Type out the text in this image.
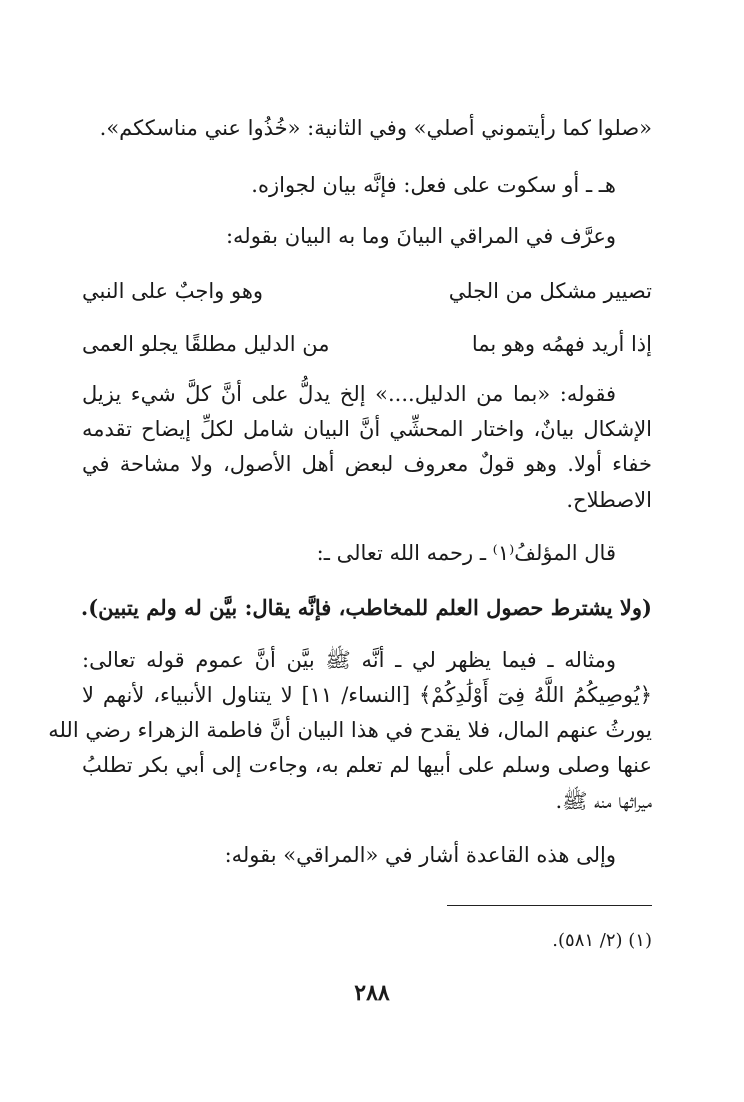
«صلوا كما رأيتموني أصلي» وفي الثانية: «خُذُوا عني مناسككم».
هـ ـ أو سكوت على فعل: فإنَّه بيان لجوازه.
وعرَّف في المراقي البيانَ وما به البيان بقوله:
تصيير مشكل من الجلي
وهو واجبٌ على النبي
إذا أريد فهمُه وهو بما
من الدليل مطلقًا يجلو العمى
فقوله: «بما من الدليل....» إلخ يدلُّ على أنَّ كلَّ شيء يزيل
الإشكال بيانٌ، واختار المحشِّي أنَّ البيان شامل لكلِّ إيضاح تقدمه
خفاء أولا. وهو قولٌ معروف لبعض أهل الأصول، ولا مشاحة في
الاصطلاح.
قال المؤلفُ⁽١⁾ ـ رحمه الله تعالى ـ:
(ولا يشترط حصول العلم للمخاطب، فإنَّه يقال: بيَّن له ولم يتبين).
ومثاله ـ فيما يظهر لي ـ أنَّه ﷺ بيَّن أنَّ عموم قوله تعالى:
﴿يُوصِيكُمُ اللَّهُ فِىٓ أَوْلَٰدِكُمْ﴾ [النساء/ ١١] لا يتناول الأنبياء، لأنهم لا
يورثُ عنهم المال، فلا يقدح في هذا البيان أنَّ فاطمة الزهراء رضي الله
عنها وصلى وسلم على أبيها لم تعلم به، وجاءت إلى أبي بكر تطلبُ
ميراثها منه ﷺ.
وإلى هذه القاعدة أشار في «المراقي» بقوله:
(١) (٢/ ٥٨١).
٢٨٨
